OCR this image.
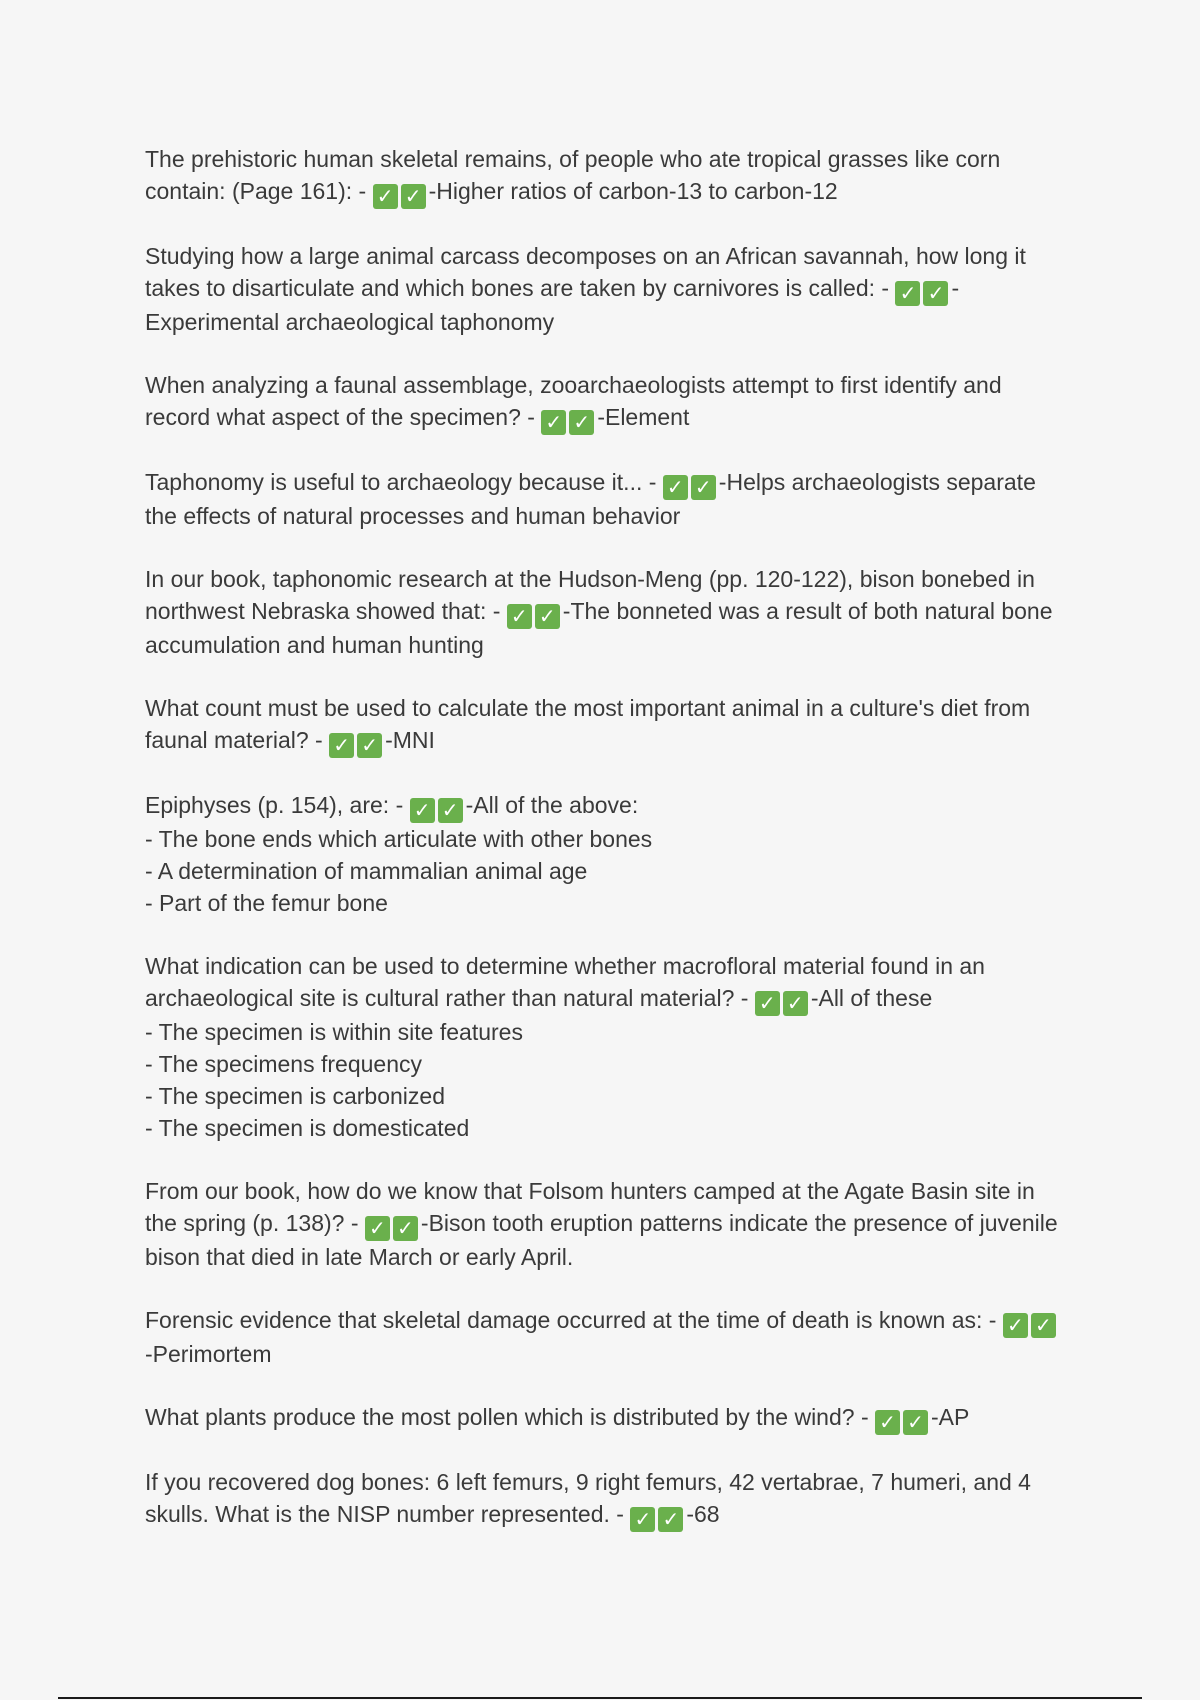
The prehistoric human skeletal remains, of people who ate tropical grasses like corn contain: (Page 161): - ✓ ✓ -Higher ratios of carbon-13 to carbon-12

Studying how a large animal carcass decomposes on an African savannah, how long it takes to disarticulate and which bones are taken by carnivores is called: - ✓ ✓ -Experimental archaeological taphonomy

When analyzing a faunal assemblage, zooarchaeologists attempt to first identify and record what aspect of the specimen? - ✓ ✓ -Element

Taphonomy is useful to archaeology because it... - ✓ ✓ -Helps archaeologists separate the effects of natural processes and human behavior

In our book, taphonomic research at the Hudson-Meng (pp. 120-122), bison bonebed in northwest Nebraska showed that: - ✓ ✓ -The bonneted was a result of both natural bone accumulation and human hunting

What count must be used to calculate the most important animal in a culture's diet from faunal material? - ✓ ✓ -MNI

Epiphyses (p. 154), are: - ✓ ✓ -All of the above:

- The bone ends which articulate with other bones
- A determination of mammalian animal age
- Part of the femur bone

What indication can be used to determine whether macrofloral material found in an archaeological site is cultural rather than natural material? - ✓ ✓ -All of these

- The specimen is within site features
- The specimens frequency
- The specimen is carbonized
- The specimen is domesticated

From our book, how do we know that Folsom hunters camped at the Agate Basin site in the spring (p. 138)? - ✓ ✓ -Bison tooth eruption patterns indicate the presence of juvenile bison that died in late March or early April.

Forensic evidence that skeletal damage occurred at the time of death is known as: - ✓ ✓-Perimortem

What plants produce the most pollen which is distributed by the wind? - ✓ ✓ -AP

If you recovered dog bones: 6 left femurs, 9 right femurs, 42 vertabrae, 7 humeri, and 4 skulls. What is the NISP number represented. - ✓ ✓ -68
